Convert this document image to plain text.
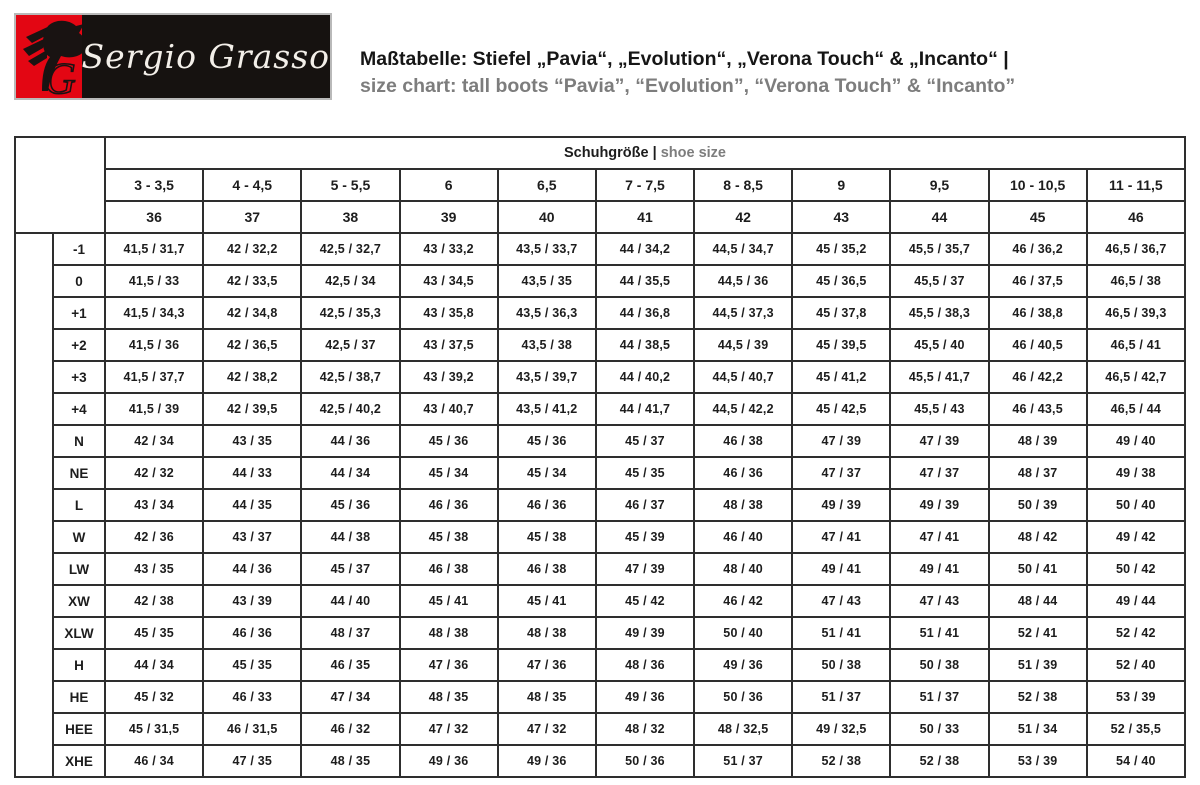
G Sergio Grasso Maßtabelle: Stiefel „Pavia“, „Evolution“, „Verona Touch“ & „Incanto“ |
size chart: tall boots “Pavia”, “Evolution”, “Verona Touch” & “Incanto”
		Schuhgröße | shoe size										
		3 - 3,5	4 - 4,5	5 - 5,5	6	6,5	7 - 7,5	8 - 8,5	9	9,5	10 - 10,5	11 - 11,5
		36	37	38	39	40	41	42	43	44	45	46
	-1	41,5 / 31,7	42 / 32,2	42,5 / 32,7	43 / 33,2	43,5 / 33,7	44 / 34,2	44,5 / 34,7	45 / 35,2	45,5 / 35,7	46 / 36,2	46,5 / 36,7
	0	41,5 / 33	42 / 33,5	42,5 / 34	43 / 34,5	43,5 / 35	44 / 35,5	44,5 / 36	45 / 36,5	45,5 / 37	46 / 37,5	46,5 / 38
	+1	41,5 / 34,3	42 / 34,8	42,5 / 35,3	43 / 35,8	43,5 / 36,3	44 / 36,8	44,5 / 37,3	45 / 37,8	45,5 / 38,3	46 / 38,8	46,5 / 39,3
	+2	41,5 / 36	42 / 36,5	42,5 / 37	43 / 37,5	43,5 / 38	44 / 38,5	44,5 / 39	45 / 39,5	45,5 / 40	46 / 40,5	46,5 / 41
	+3	41,5 / 37,7	42 / 38,2	42,5 / 38,7	43 / 39,2	43,5 / 39,7	44 / 40,2	44,5 / 40,7	45 / 41,2	45,5 / 41,7	46 / 42,2	46,5 / 42,7
	+4	41,5 / 39	42 / 39,5	42,5 / 40,2	43 / 40,7	43,5 / 41,2	44 / 41,7	44,5 / 42,2	45 / 42,5	45,5 / 43	46 / 43,5	46,5 / 44
	N	42 / 34	43 / 35	44 / 36	45 / 36	45 / 36	45 / 37	46 / 38	47 / 39	47 / 39	48 / 39	49 / 40
	NE	42 / 32	44 / 33	44 / 34	45 / 34	45 / 34	45 / 35	46 / 36	47 / 37	47 / 37	48 / 37	49 / 38
	L	43 / 34	44 / 35	45 / 36	46 / 36	46 / 36	46 / 37	48 / 38	49 / 39	49 / 39	50 / 39	50 / 40
	W	42 / 36	43 / 37	44 / 38	45 / 38	45 / 38	45 / 39	46 / 40	47 / 41	47 / 41	48 / 42	49 / 42
	LW	43 / 35	44 / 36	45 / 37	46 / 38	46 / 38	47 / 39	48 / 40	49 / 41	49 / 41	50 / 41	50 / 42
	XW	42 / 38	43 / 39	44 / 40	45 / 41	45 / 41	45 / 42	46 / 42	47 / 43	47 / 43	48 / 44	49 / 44
	XLW	45 / 35	46 / 36	48 / 37	48 / 38	48 / 38	49 / 39	50 / 40	51 / 41	51 / 41	52 / 41	52 / 42
	H	44 / 34	45 / 35	46 / 35	47 / 36	47 / 36	48 / 36	49 / 36	50 / 38	50 / 38	51 / 39	52 / 40
	HE	45 / 32	46 / 33	47 / 34	48 / 35	48 / 35	49 / 36	50 / 36	51 / 37	51 / 37	52 / 38	53 / 39
	HEE	45 / 31,5	46 / 31,5	46 / 32	47 / 32	47 / 32	48 / 32	48 / 32,5	49 / 32,5	50 / 33	51 / 34	52 / 35,5
	XHE	46 / 34	47 / 35	48 / 35	49 / 36	49 / 36	50 / 36	51 / 37	52 / 38	52 / 38	53 / 39	54 / 40
